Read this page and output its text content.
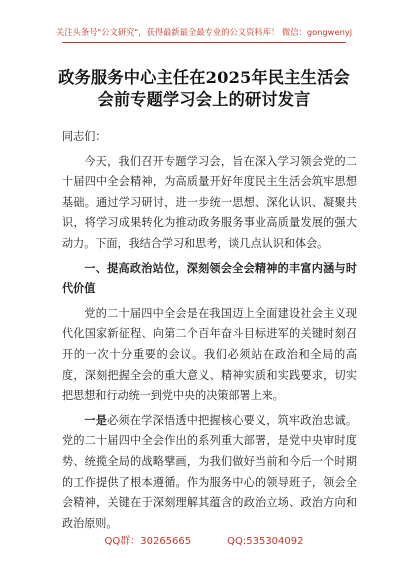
关注头条号"公文研究"，获得最新最全最专业的公文资料库！ 微信：gongwenyj
政务服务中心主任在2025年民主生活会
会前专题学习会上的研讨发言

同志们：

今天，我们召开专题学习会，旨在深入学习领会党的二十届四中全会精神，为高质量开好年度民主生活会筑牢思想基础。通过学习研讨，进一步统一思想、深化认识、凝聚共识，将学习成果转化为推动政务服务事业高质量发展的强大动力。下面，我结合学习和思考，谈几点认识和体会。

一、提高政治站位，深刻领会全会精神的丰富内涵与时代价值

党的二十届四中全会是在我国迈上全面建设社会主义现代化国家新征程、向第二个百年奋斗目标进军的关键时刻召开的一次十分重要的会议。我们必须站在政治和全局的高度，深刻把握全会的重大意义、精神实质和实践要求，切实把思想和行动统一到党中央的决策部署上来。

一是必须在学深悟透中把握核心要义，筑牢政治忠诚。党的二十届四中全会作出的系列重大部署，是党中央审时度势、统揽全局的战略擘画，为我们做好当前和今后一个时期的工作提供了根本遵循。作为服务中心的领导班子，领会全会精神，关键在于深刻理解其蕴含的政治立场、政治方向和政治原则。

QQ群：30265665	QQ:535304092
